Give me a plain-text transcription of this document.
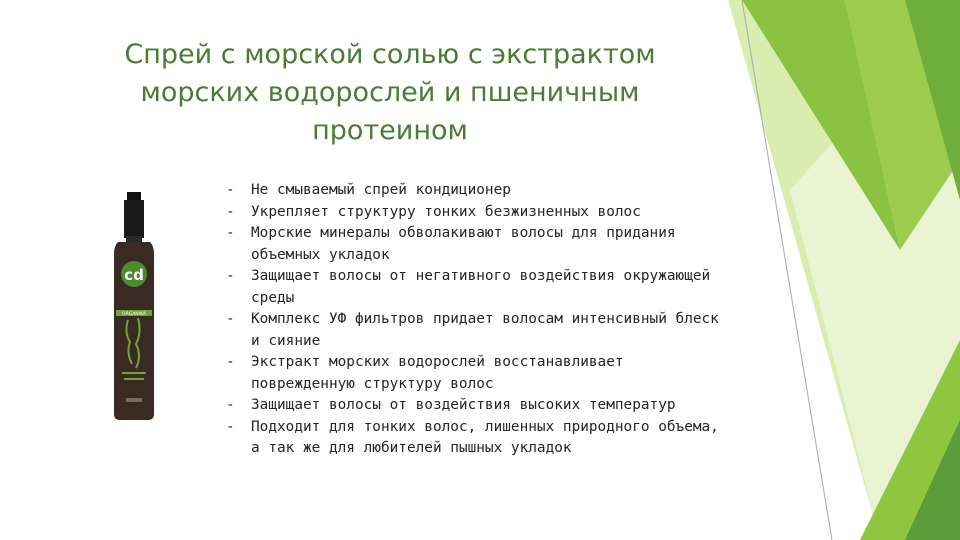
Спрей с морской солью с экстрактом
морских водорослей и пшеничным
протеином
cd
ORGANIKA
- Не смываемый спрей кондиционер
- Укрепляет структуру тонких безжизненных волос
- Морские минералы обволакивают волосы для придания объемных укладок
- Защищает волосы от негативного воздействия окружающей среды
- Комплекс УФ фильтров придает волосам интенсивный блеск и сияние
- Экстракт морских водорослей восстанавливает поврежденную структуру волос
- Защищает волосы от воздействия высоких температур
- Подходит для тонких волос, лишенных природного объема, а так же для любителей пышных укладок
